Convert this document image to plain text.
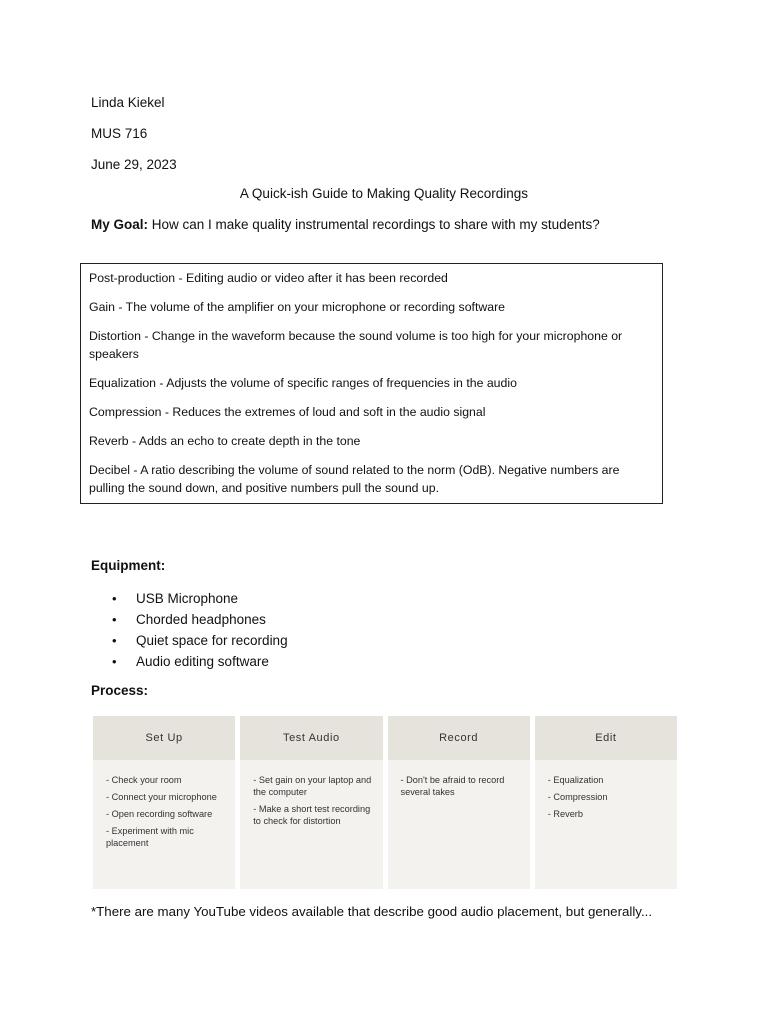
Linda Kiekel
MUS 716
June 29, 2023
A Quick-ish Guide to Making Quality Recordings
My Goal: How can I make quality instrumental recordings to share with my students?
Post-production - Editing audio or video after it has been recorded
Gain - The volume of the amplifier on your microphone or recording software
Distortion - Change in the waveform because the sound volume is too high for your microphone or speakers
Equalization - Adjusts the volume of specific ranges of frequencies in the audio
Compression - Reduces the extremes of loud and soft in the audio signal
Reverb - Adds an echo to create depth in the tone
Decibel - A ratio describing the volume of sound related to the norm (OdB). Negative numbers are pulling the sound down, and positive numbers pull the sound up.
Equipment:
• USB Microphone
• Chorded headphones
• Quiet space for recording
• Audio editing software
Process:
Set Up
- Check your room
- Connect your microphone
- Open recording software
- Experiment with mic placement
Test Audio
- Set gain on your laptop and the computer
- Make a short test recording to check for distortion
Record
- Don't be afraid to record several takes
Edit
- Equalization
- Compression
- Reverb
*There are many YouTube videos available that describe good audio placement, but generally...
